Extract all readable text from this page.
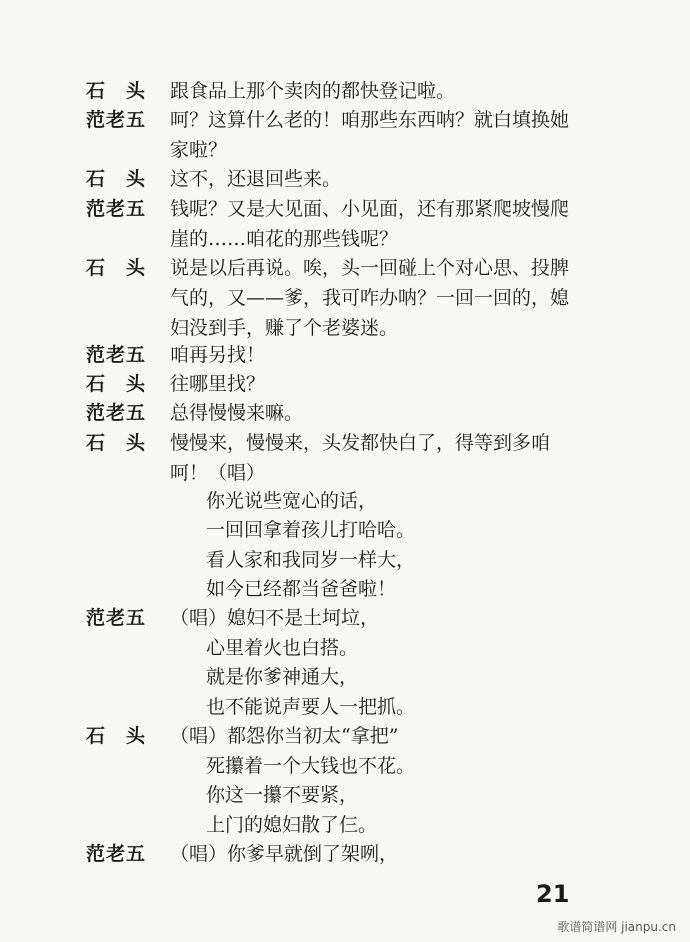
石　头	跟食品上那个卖肉的都快登记啦。
范老五	呵？这算什么老的！咱那些东西呐？就白填换她
家啦？
石　头	这不，还退回些来。
范老五	钱呢？又是大见面、小见面，还有那紧爬坡慢爬
崖的……咱花的那些钱呢？
石　头	说是以后再说。唉，头一回碰上个对心思、投脾
气的，又——爹，我可咋办呐？一回一回的，媳
妇没到手，赚了个老婆迷。
范老五	咱再另找！
石　头	往哪里找？
范老五	总得慢慢来嘛。
石　头	慢慢来，慢慢来，头发都快白了，得等到多咱
呵！（唱）
你光说些宽心的话，
一回回拿着孩儿打哈哈。
看人家和我同岁一样大，
如今已经都当爸爸啦！
范老五	（唱）媳妇不是土坷垃，
心里着火也白搭。
就是你爹神通大，
也不能说声要人一把抓。
石　头	（唱）都怨你当初太“拿把”
死攥着一个大钱也不花。
你这一攥不要紧，
上门的媳妇散了仨。
范老五	（唱）你爹早就倒了架咧，
21
歌谱简谱网 jianpu.cn
